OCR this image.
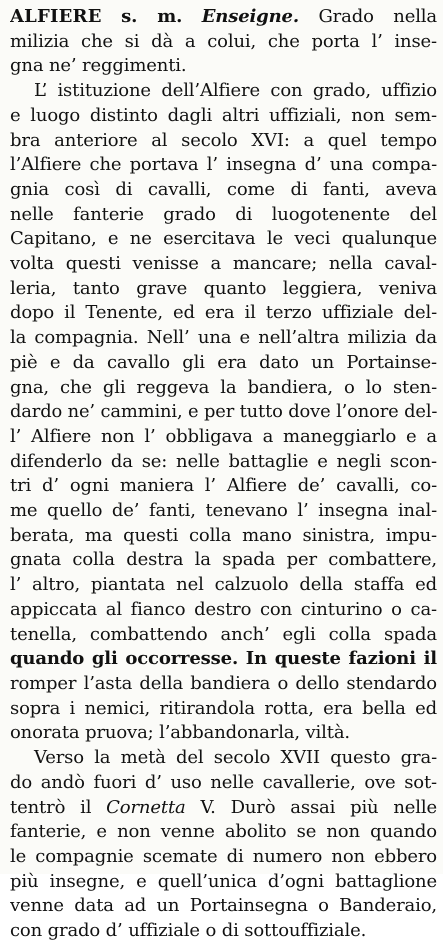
ALFIERE s. m. Enseigne. Grado nella
milizia che si dà a colui, che porta l’ inse-
gna ne’ reggimenti.
L’ istituzione dell’Alfiere con grado, uffizio
e luogo distinto dagli altri uffiziali, non sem-
bra anteriore al secolo XVI: a quel tempo
l’Alfiere che portava l’ insegna d’ una compa-
gnia così di cavalli, come di fanti, aveva
nelle fanterie grado di luogotenente del
Capitano, e ne esercitava le veci qualunque
volta questi venisse a mancare; nella caval-
leria, tanto grave quanto leggiera, veniva
dopo il Tenente, ed era il terzo uffiziale del-
la compagnia. Nell’ una e nell’altra milizia da
piè e da cavallo gli era dato un Portainse-
gna, che gli reggeva la bandiera, o lo sten-
dardo ne’ cammini, e per tutto dove l’onore del-
l’ Alfiere non l’ obbligava a maneggiarlo e a
difenderlo da se: nelle battaglie e negli scon-
tri d’ ogni maniera l’ Alfiere de’ cavalli, co-
me quello de’ fanti, tenevano l’ insegna inal-
berata, ma questi colla mano sinistra, impu-
gnata colla destra la spada per combattere,
l’ altro, piantata nel calzuolo della staffa ed
appiccata al fianco destro con cinturino o ca-
tenella, combattendo anch’ egli colla spada
quando gli occorresse. In queste fazioni il
romper l’asta della bandiera o dello stendardo
sopra i nemici, ritirandola rotta, era bella ed
onorata pruova; l’abbandonarla, viltà.
Verso la metà del secolo XVII questo gra-
do andò fuori d’ uso nelle cavallerie, ove sot-
tentrò il Cornetta V. Durò assai più nelle
fanterie, e non venne abolito se non quando
le compagnie scemate di numero non ebbero
più insegne, e quell’unica d’ogni battaglione
venne data ad un Portainsegna o Banderaio,
con grado d’ uffiziale o di sottouffiziale.
